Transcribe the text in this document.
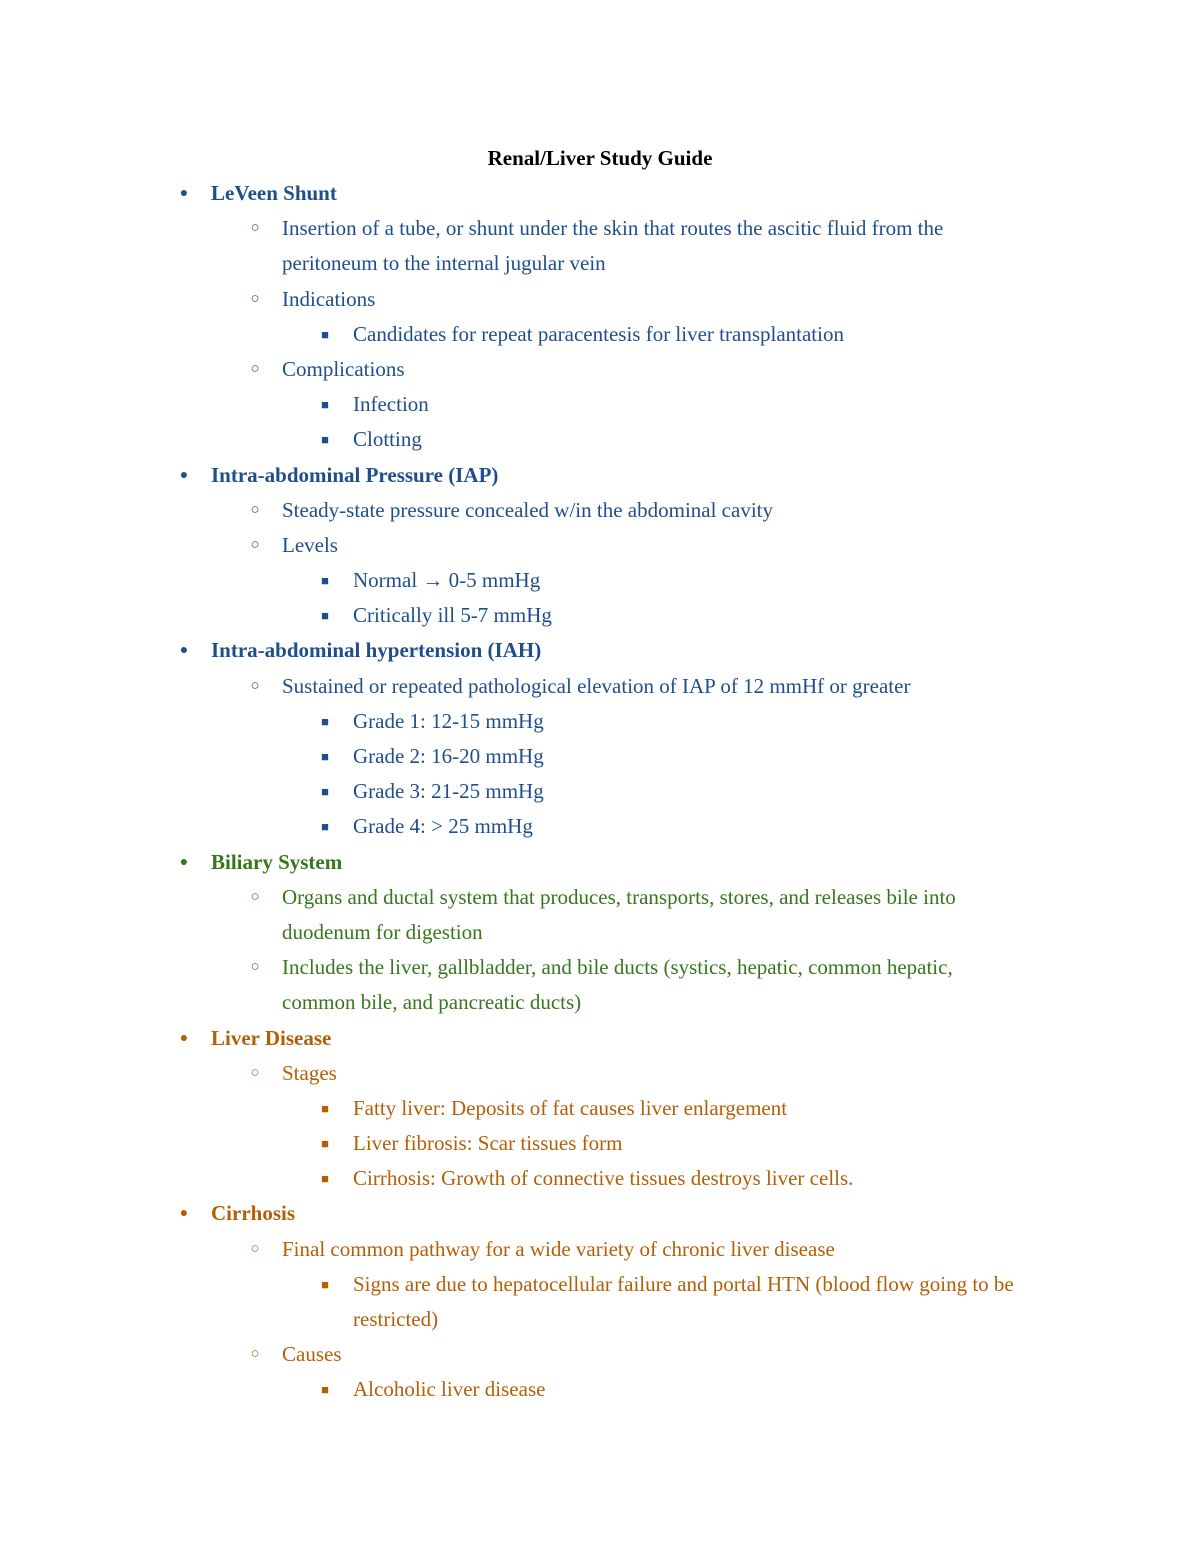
Renal/Liver Study Guide
● LeVeen Shunt
○ Insertion of a tube, or shunt under the skin that routes the ascitic fluid from the
peritoneum to the internal jugular vein
○ Indications
■ Candidates for repeat paracentesis for liver transplantation
○ Complications
■ Infection
■ Clotting
● Intra-abdominal Pressure (IAP)
○ Steady-state pressure concealed w/in the abdominal cavity
○ Levels
■ Normal → 0-5 mmHg
■ Critically ill 5-7 mmHg
● Intra-abdominal hypertension (IAH)
○ Sustained or repeated pathological elevation of IAP of 12 mmHf or greater
■ Grade 1: 12-15 mmHg
■ Grade 2: 16-20 mmHg
■ Grade 3: 21-25 mmHg
■ Grade 4: > 25 mmHg
● Biliary System
○ Organs and ductal system that produces, transports, stores, and releases bile into
duodenum for digestion
○ Includes the liver, gallbladder, and bile ducts (systics, hepatic, common hepatic,
common bile, and pancreatic ducts)
● Liver Disease
○ Stages
■ Fatty liver: Deposits of fat causes liver enlargement
■ Liver fibrosis: Scar tissues form
■ Cirrhosis: Growth of connective tissues destroys liver cells.
● Cirrhosis
○ Final common pathway for a wide variety of chronic liver disease
■ Signs are due to hepatocellular failure and portal HTN (blood flow going to be
restricted)
○ Causes
■ Alcoholic liver disease
